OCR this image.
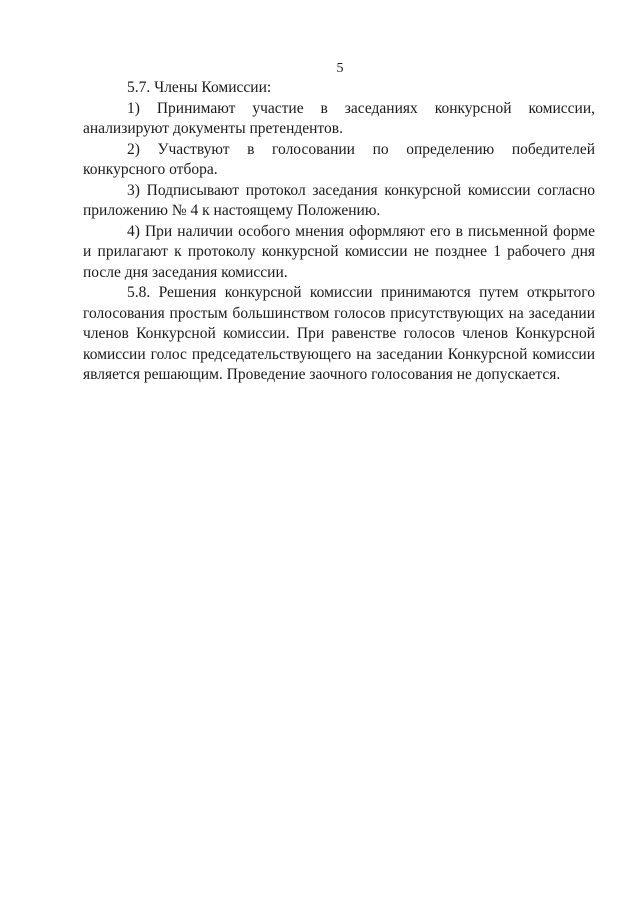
5

5.7. Члены Комиссии:

1) Принимают участие в заседаниях конкурсной комиссии, анализируют документы претендентов.

2) Участвуют в голосовании по определению победителей конкурсного отбора.

3) Подписывают протокол заседания конкурсной комиссии согласно приложению № 4 к настоящему Положению.

4) При наличии особого мнения оформляют его в письменной форме и прилагают к протоколу конкурсной комиссии не позднее 1 рабочего дня после дня заседания комиссии.

5.8. Решения конкурсной комиссии принимаются путем открытого голосования простым большинством голосов присутствующих на заседании членов Конкурсной комиссии. При равенстве голосов членов Конкурсной комиссии голос председательствующего на заседании Конкурсной комиссии является решающим. Проведение заочного голосования не допускается.
